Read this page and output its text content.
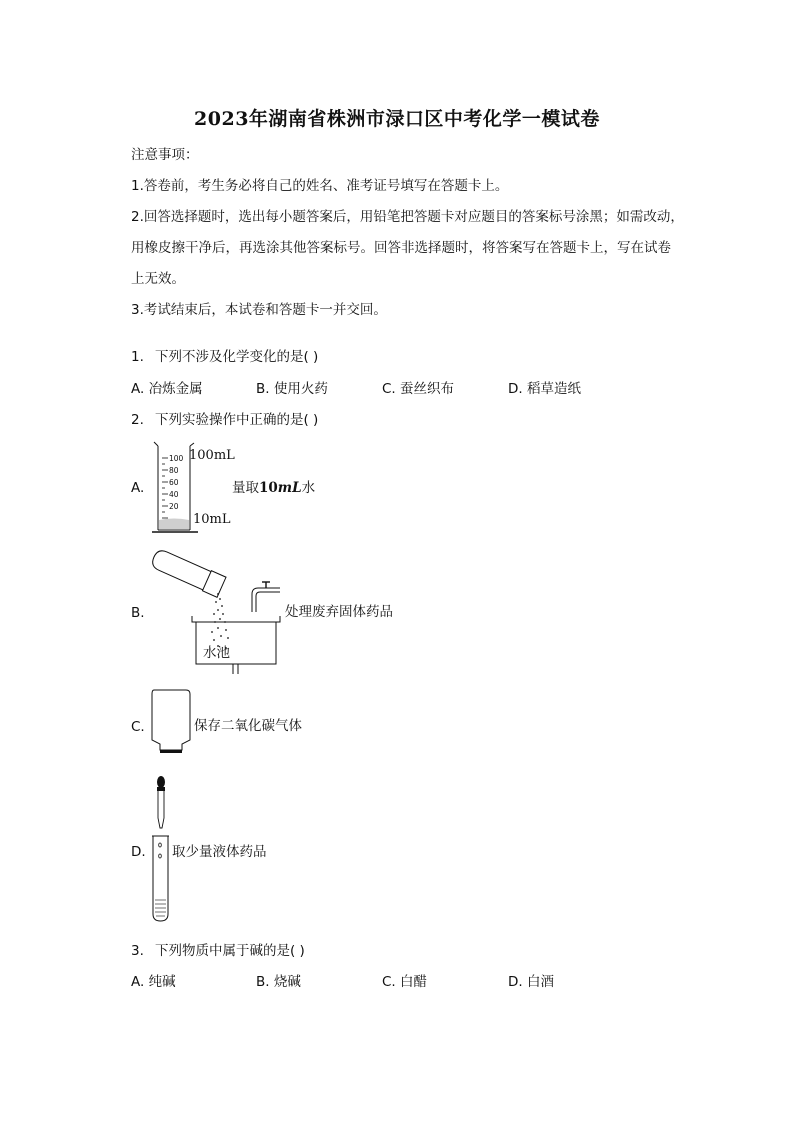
2023年湖南省株洲市渌口区中考化学一模试卷
注意事项：
1.答卷前，考生务必将自己的姓名、准考证号填写在答题卡上。
2.回答选择题时，选出每小题答案后，用铅笔把答题卡对应题目的答案标号涂黑；如需改动，
用橡皮擦干净后，再选涂其他答案标号。回答非选择题时，将答案写在答题卡上，写在试卷
上无效。
3.考试结束后，本试卷和答题卡一并交回。
1. 下列不涉及化学变化的是( )
A. 冶炼金属	B. 使用火药	C. 蚕丝织布	D. 稻草造纸
2. 下列实验操作中正确的是( )
A.
100
80
60
40
20
100mL
10mL
量取10mL水
B.	处理废弃固体药品
水池
C.	保存二氧化碳气体
D. 取少量液体药品
3. 下列物质中属于碱的是( )
A. 纯碱	B. 烧碱	C. 白醋	D. 白酒
